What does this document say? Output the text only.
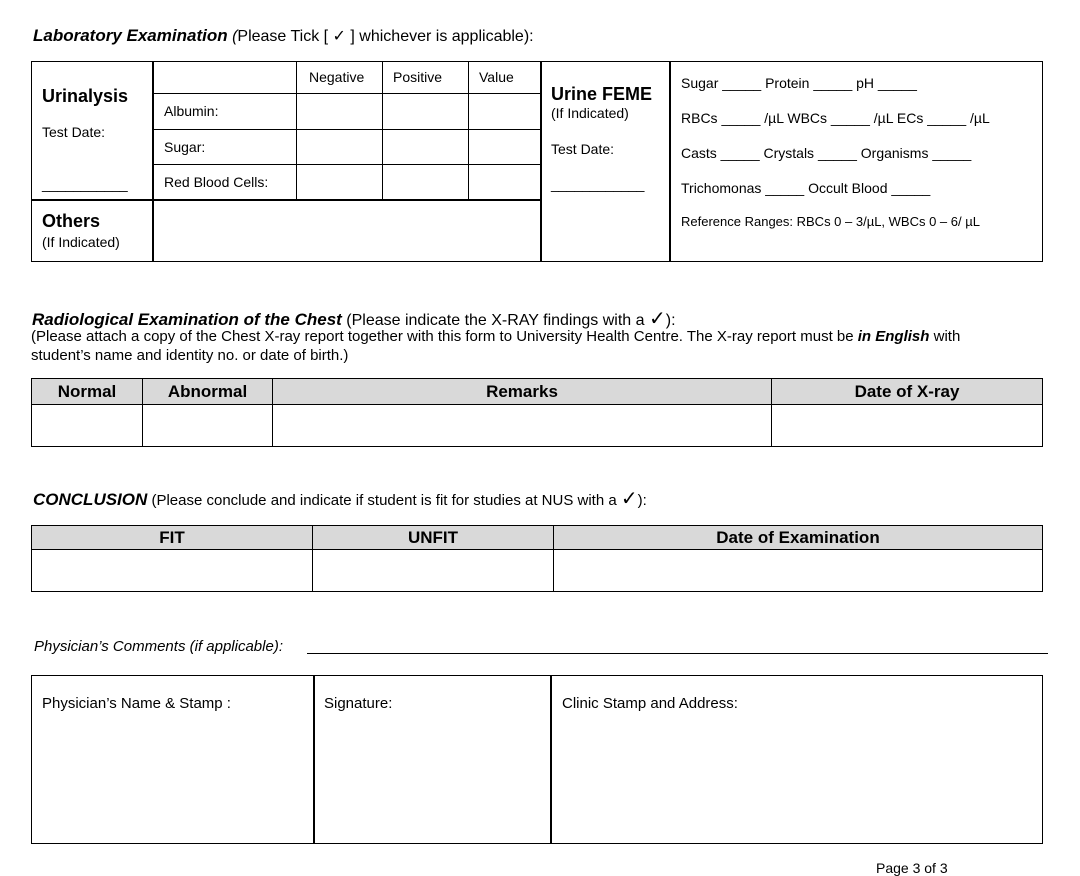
Laboratory Examination (Please Tick [ ✓ ] whichever is applicable):
Urinalysis
Test Date:
___________
Negative Positive	Value
Albumin:
Sugar:
Red Blood Cells:
Others
(If Indicated)
Urine FEME
(If Indicated)
Test Date:
____________
Sugar _____ Protein _____ pH _____
RBCs _____ /µL WBCs _____ /µL ECs _____ /µL
Casts _____ Crystals _____ Organisms _____
Trichomonas _____ Occult Blood _____
Reference Ranges: RBCs 0 – 3/µL, WBCs 0 – 6/ µL
Radiological Examination of the Chest (Please indicate the X-RAY findings with a ✓):
(Please attach a copy of the Chest X-ray report together with this form to University Health Centre. The X-ray report must be in English with
student’s name and identity no. or date of birth.)
Normal	Abnormal	Remarks	Date of X-ray

CONCLUSION (Please conclude and indicate if student is fit for studies at NUS with a ✓):
FIT	UNFIT	Date of Examination

Physician’s Comments (if applicable):
Physician’s Name & Stamp :	Signature:	Clinic Stamp and Address:
Page 3 of 3
